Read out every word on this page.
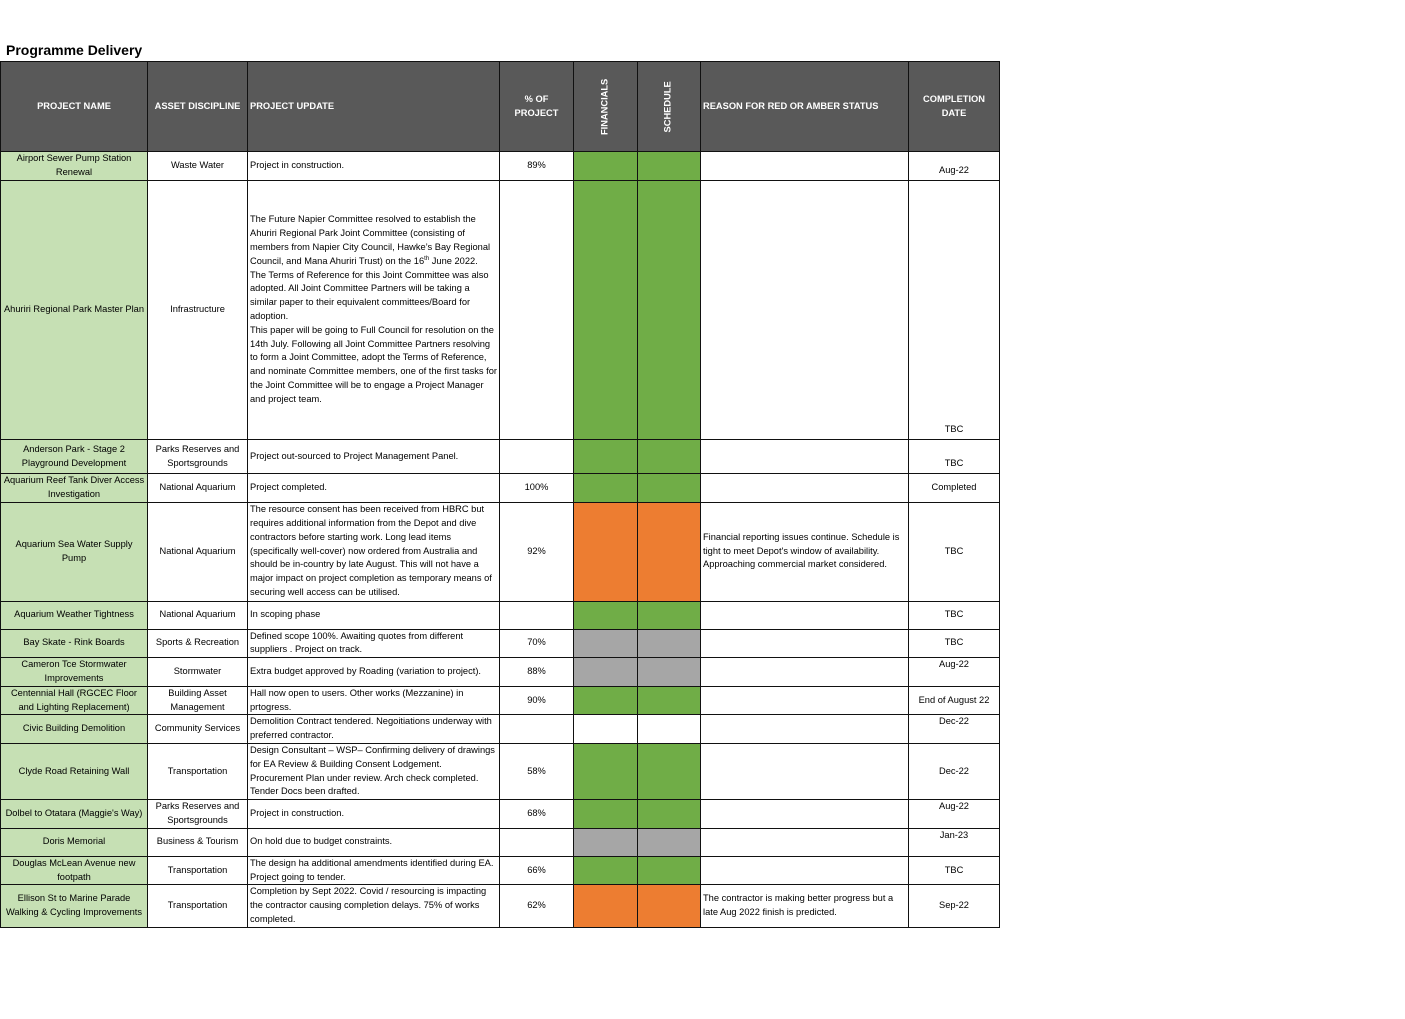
Programme Delivery
PROJECT NAME	ASSET DISCIPLINE	PROJECT UPDATE	% OF PROJECT	FINANCIALS	SCHEDULE	REASON FOR RED OR AMBER STATUS	COMPLETION DATE
Airport Sewer Pump Station Renewal	Waste Water	Project in construction.	89%				Aug-22
Ahuriri Regional Park Master Plan	Infrastructure	The Future Napier Committee resolved to establish the Ahuriri Regional Park Joint Committee (consisting of members from Napier City Council, Hawke’s Bay Regional Council, and Mana Ahuriri Trust) on the 16th June 2022.
The Terms of Reference for this Joint Committee was also adopted. All Joint Committee Partners will be taking a similar paper to their equivalent committees/Board for adoption.
This paper will be going to Full Council for resolution on the 14th July. Following all Joint Committee Partners resolving to form a Joint Committee, adopt the Terms of Reference, and nominate Committee members, one of the first tasks for the Joint Committee will be to engage a Project Manager and project team.					TBC
Anderson Park - Stage 2 Playground Development	Parks Reserves and Sportsgrounds	Project out-sourced to Project Management Panel.					TBC
Aquarium Reef Tank Diver Access Investigation	National Aquarium	Project completed.	100%				Completed
Aquarium Sea Water Supply Pump	National Aquarium	The resource consent has been received from HBRC but requires additional information from the Depot and dive contractors before starting work. Long lead items (specifically well-cover) now ordered from Australia and should be in-country by late August. This will not have a major impact on project completion as temporary means of securing well access can be utilised.	92%			Financial reporting issues continue. Schedule is tight to meet Depot's window of availability. Approaching commercial market considered.	TBC
Aquarium Weather Tightness	National Aquarium	In scoping phase					TBC
Bay Skate - Rink Boards	Sports & Recreation	Defined scope 100%. Awaiting quotes from different suppliers . Project on track.	70%				TBC
Cameron Tce Stormwater Improvements	Stormwater	Extra budget approved by Roading (variation to project).	88%				Aug-22
Centennial Hall (RGCEC Floor and Lighting Replacement)	Building Asset Management	Hall now open to users. Other works (Mezzanine) in prtogress.	90%				End of August 22
Civic Building Demolition	Community Services	Demolition Contract tendered. Negoitiations underway with preferred contractor.					Dec-22
Clyde Road Retaining Wall	Transportation	Design Consultant – WSP– Confirming delivery of drawings for EA Review & Building Consent Lodgement. Procurement Plan under review. Arch check completed. Tender Docs been drafted.	58%				Dec-22
Dolbel to Otatara (Maggie's Way)	Parks Reserves and Sportsgrounds	Project in construction.	68%				Aug-22
Doris Memorial	Business & Tourism	On hold due to budget constraints.					Jan-23
Douglas McLean Avenue new footpath	Transportation	The design ha additional amendments identified during EA. Project going to tender.	66%				TBC
Ellison St to Marine Parade Walking & Cycling Improvements	Transportation	Completion by Sept 2022. Covid / resourcing is impacting the contractor causing completion delays. 75% of works completed.	62%			The contractor is making better progress but a late Aug 2022 finish is predicted.	Sep-22
